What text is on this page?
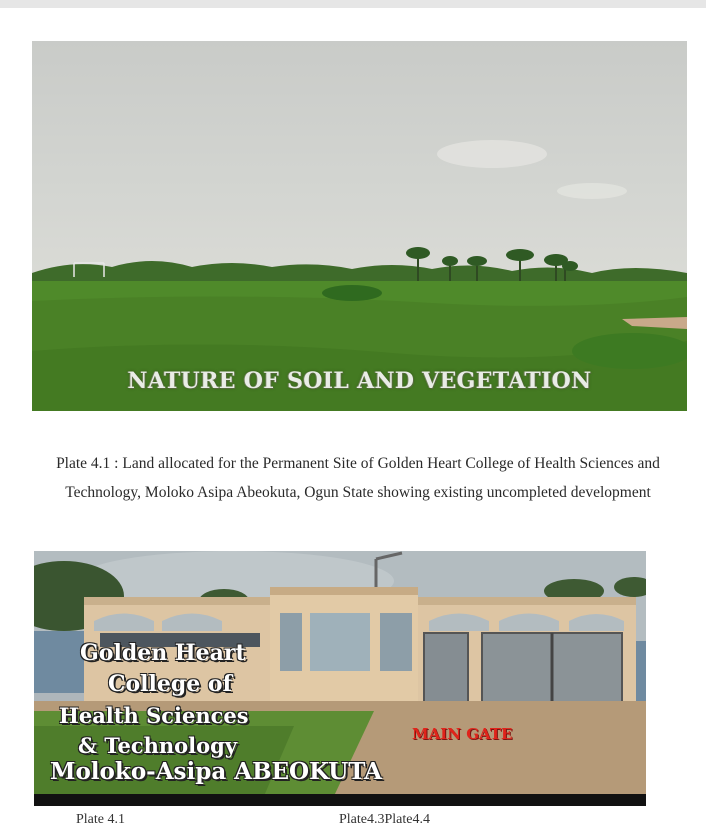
NATURE OF SOIL AND VEGETATION
Plate 4.1 : Land allocated for the Permanent Site of Golden Heart College of Health Sciences and Technology, Moloko Asipa Abeokuta, Ogun State showing existing uncompleted development
Golden Heart
College of
Health Sciences
& Technology
Moloko-Asipa ABEOKUTA
MAIN GATE
Plate 4.1	Plate4.3Plate4.4
